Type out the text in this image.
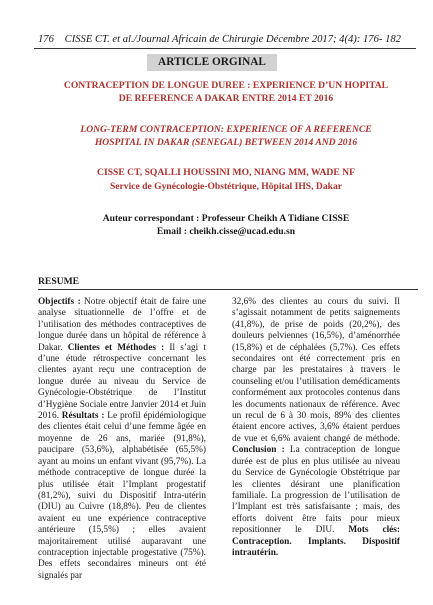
176 CISSE CT. et al./Journal Africain de Chirurgie Décembre 2017; 4(4): 176- 182
ARTICLE ORGINAL
CONTRACEPTION DE LONGUE DUREE : EXPERIENCE D’UN HOPITAL DE REFERENCE A DAKAR ENTRE 2014 ET 2016
LONG-TERM CONTRACEPTION: EXPERIENCE OF A REFERENCE HOSPITAL IN DAKAR (SENEGAL) BETWEEN 2014 AND 2016
CISSE CT, SQALLI HOUSSINI MO, NIANG MM, WADE NF
Service de Gynécologie-Obstétrique, Hôpital IHS, Dakar
Auteur correspondant : Professeur Cheikh A Tidiane CISSE
Email : cheikh.cisse@ucad.edu.sn
RESUME
Objectifs : Notre objectif était de faire une analyse situationnelle de l’offre et de l’utilisation des méthodes contraceptives de longue durée dans un hôpital de référence à Dakar. Clientes et Méthodes : Il s’agi t d’une étude rétrospective concernant les clientes ayant reçu une contraception de longue durée au niveau du Service de Gynécologie-Obstétrique de l’Institut d’Hygiène Sociale entre Janvier 2014 et Juin 2016. Résultats : Le profil épidémiologique des clientes était celui d’une femme âgée en moyenne de 26 ans, mariée (91,8%), paucipare (53,6%), alphabétisée (65,5%) ayant au moins un enfant vivant (95,7%). La méthode contraceptive de longue durée la plus utilisée était l’Implant progestatif (81,2%), suivi du Dispositif Intra-utérin (DIU) au Cuivre (18,8%). Peu de clientes avaient eu une expérience contraceptive antérieure (15,5%) ; elles avaient majoritairement utilisé auparavant une contraception injectable progestative (75%). Des effets secondaires mineurs ont été signalés par
32,6% des clientes au cours du suivi. Il s’agissait notamment de petits saignements (41,8%), de prise de poids (20,2%), des douleurs pelviennes (16,5%), d’aménorrhée (15,8%) et de céphalées (5,7%). Ces effets secondaires ont été correctement pris en charge par les prestataires à travers le counseling et/ou l’utilisation demédicaments conformément aux protocoles contenus dans les documents nationaux de référence. Avec un recul de 6 à 30 mois, 89% des clientes étaient encore actives, 3,6% étaient perdues de vue et 6,6% avaient changé de méthode. Conclusion : La contraception de longue durée est de plus en plus utilisée au niveau du Service de Gynécologie Obstétrique par les clientes désirant une planification familiale. La progression de l’utilisation de l’Implant est très satisfaisante ; mais, des efforts doivent être faits pour mieux repositionner le DIU. Mots clés: Contraception. Implants. Dispositif intrautérin.
